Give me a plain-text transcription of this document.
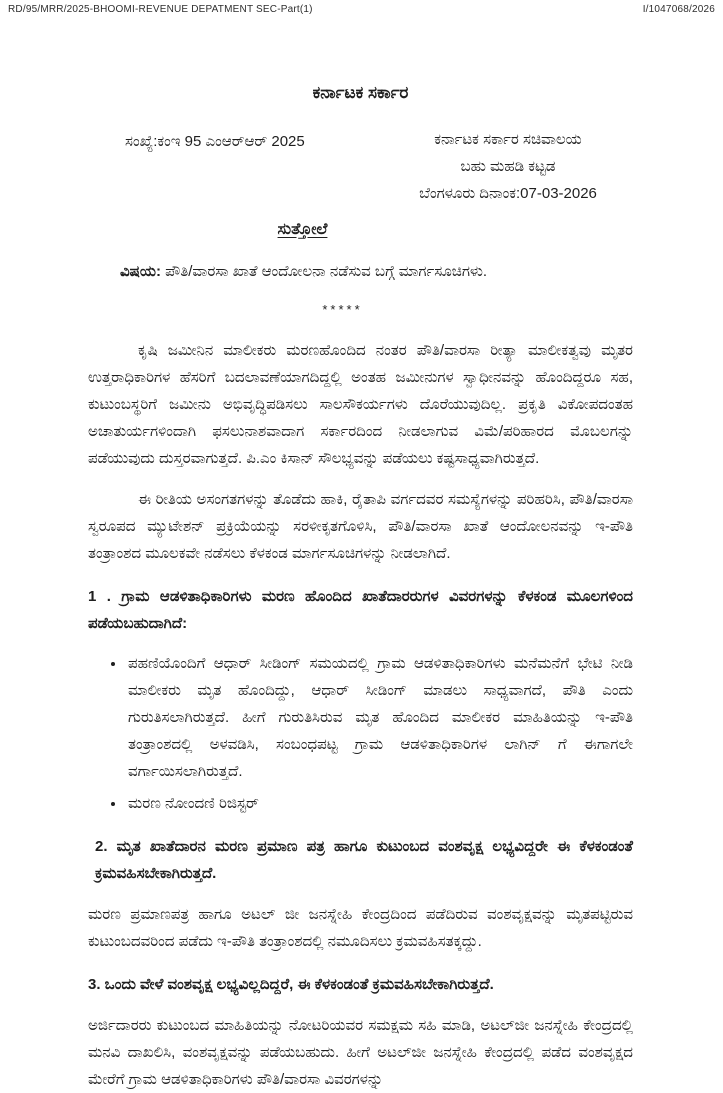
RD/95/MRR/2025-BHOOMI-REVENUE DEPATMENT SEC-Part(1)	I/1047068/2026
ಕರ್ನಾಟಕ ಸರ್ಕಾರ
ಸಂಖ್ಯೆ:ಕಂಇ 95 ಎಂಆರ್‌ಆರ್ 2025	ಕರ್ನಾಟಕ ಸರ್ಕಾರ ಸಚಿವಾಲಯ
ಬಹು ಮಹಡಿ ಕಟ್ಟಡ
ಬೆಂಗಳೂರು ದಿನಾಂಕ:07-03-2026
ಸುತ್ತೋಲೆ
ವಿಷಯ: ಪೌತಿ/ವಾರಸಾ ಖಾತೆ ಆಂದೋಲನಾ ನಡೆಸುವ ಬಗ್ಗೆ ಮಾರ್ಗಸೂಚಿಗಳು.
*****

ಕೃಷಿ ಜಮೀನಿನ ಮಾಲೀಕರು ಮರಣಹೊಂದಿದ ನಂತರ ಪೌತಿ/ವಾರಸಾ ರೀತ್ಯಾ ಮಾಲೀಕತ್ವವು ಮೃತರ ಉತ್ತರಾಧಿಕಾರಿಗಳ ಹೆಸರಿಗೆ ಬದಲಾವಣೆಯಾಗದಿದ್ದಲ್ಲಿ ಅಂತಹ ಜಮೀನುಗಳ ಸ್ವಾಧೀನವನ್ನು ಹೊಂದಿದ್ದರೂ ಸಹ, ಕುಟುಂಬಸ್ಥರಿಗೆ ಜಮೀನು ಅಭಿವೃದ್ಧಿಪಡಿಸಲು ಸಾಲಸೌಕರ್ಯಗಳು ದೊರೆಯುವುದಿಲ್ಲ. ಪ್ರಕೃತಿ ವಿಕೋಪದಂತಹ ಅಚಾತುರ್ಯಗಳಿಂದಾಗಿ ಫಸಲುನಾಶವಾದಾಗ ಸರ್ಕಾರದಿಂದ ನೀಡಲಾಗುವ ವಿಮೆ/ಪರಿಹಾರದ ಮೊಬಲಗನ್ನು ಪಡೆಯುವುದು ದುಸ್ತರವಾಗುತ್ತದೆ. ಪಿ.ಎಂ ಕಿಸಾನ್ ಸೌಲಭ್ಯವನ್ನು ಪಡೆಯಲು ಕಷ್ಟಸಾಧ್ಯವಾಗಿರುತ್ತದೆ.

ಈ ರೀತಿಯ ಅಸಂಗತಗಳನ್ನು ತೊಡೆದು ಹಾಕಿ, ರೈತಾಪಿ ವರ್ಗದವರ ಸಮಸ್ಯೆಗಳನ್ನು ಪರಿಹರಿಸಿ, ಪೌತಿ/ವಾರಸಾ ಸ್ವರೂಪದ ಮ್ಯುಟೇಶನ್ ಪ್ರಕ್ರಿಯೆಯನ್ನು ಸರಳೀಕೃತಗೊಳಿಸಿ, ಪೌತಿ/ವಾರಸಾ ಖಾತೆ ಆಂದೋಲನವನ್ನು ಇ-ಪೌತಿ ತಂತ್ರಾಂಶದ ಮೂಲಕವೇ ನಡೆಸಲು ಕೆಳಕಂಡ ಮಾರ್ಗಸೂಚಿಗಳನ್ನು ನೀಡಲಾಗಿದೆ.

1 . ಗ್ರಾಮ ಆಡಳಿತಾಧಿಕಾರಿಗಳು ಮರಣ ಹೊಂದಿದ ಖಾತೆದಾರರುಗಳ ವಿವರಗಳನ್ನು ಕೆಳಕಂಡ ಮೂಲಗಳಿಂದ ಪಡೆಯಬಹುದಾಗಿದೆ:
• ಪಹಣಿಯೊಂದಿಗೆ ಆಧಾರ್ ಸೀಡಿಂಗ್ ಸಮಯದಲ್ಲಿ ಗ್ರಾಮ ಆಡಳಿತಾಧಿಕಾರಿಗಳು ಮನೆಮನೆಗೆ ಭೇಟಿ ನೀಡಿ ಮಾಲೀಕರು ಮೃತ ಹೊಂದಿದ್ದು, ಆಧಾರ್ ಸೀಡಿಂಗ್ ಮಾಡಲು ಸಾಧ್ಯವಾಗದೆ, ಪೌತಿ ಎಂದು ಗುರುತಿಸಲಾಗಿರುತ್ತದೆ. ಹೀಗೆ ಗುರುತಿಸಿರುವ ಮೃತ ಹೊಂದಿದ ಮಾಲೀಕರ ಮಾಹಿತಿಯನ್ನು ಇ-ಪೌತಿ ತಂತ್ರಾಂಶದಲ್ಲಿ ಅಳವಡಿಸಿ, ಸಂಬಂಧಪಟ್ಟ ಗ್ರಾಮ ಆಡಳಿತಾಧಿಕಾರಿಗಳ ಲಾಗಿನ್ ಗೆ ಈಗಾಗಲೇ ವರ್ಗಾಯಿಸಲಾಗಿರುತ್ತದೆ.
• ಮರಣ ನೋಂದಣಿ ರಿಜಿಸ್ಟರ್
2. ಮೃತ ಖಾತೆದಾರನ ಮರಣ ಪ್ರಮಾಣ ಪತ್ರ ಹಾಗೂ ಕುಟುಂಬದ ವಂಶವೃಕ್ಷ ಲಭ್ಯವಿದ್ದರೇ ಈ ಕೆಳಕಂಡಂತೆ ಕ್ರಮವಹಿಸಬೇಕಾಗಿರುತ್ತದೆ.

ಮರಣ ಪ್ರಮಾಣಪತ್ರ ಹಾಗೂ ಅಟಲ್ ಜೀ ಜನಸ್ನೇಹಿ ಕೇಂದ್ರದಿಂದ ಪಡೆದಿರುವ ವಂಶವೃಕ್ಷವನ್ನು ಮೃತಪಟ್ಟಿರುವ ಕುಟುಂಬದವರಿಂದ ಪಡೆದು ಇ-ಪೌತಿ ತಂತ್ರಾಂಶದಲ್ಲಿ ನಮೂದಿಸಲು ಕ್ರಮವಹಿಸತಕ್ಕದ್ದು.

3. ಒಂದು ವೇಳೆ ವಂಶವೃಕ್ಷ ಲಭ್ಯವಿಲ್ಲದಿದ್ದರೆ, ಈ ಕೆಳಕಂಡಂತೆ ಕ್ರಮವಹಿಸಬೇಕಾಗಿರುತ್ತದೆ.

ಅರ್ಜಿದಾರರು ಕುಟುಂಬದ ಮಾಹಿತಿಯನ್ನು ನೋಟರಿಯವರ ಸಮಕ್ಷಮ ಸಹಿ ಮಾಡಿ, ಅಟಲ್‌ಜೀ ಜನಸ್ನೇಹಿ ಕೇಂದ್ರದಲ್ಲಿ ಮನವಿ ದಾಖಲಿಸಿ, ವಂಶವೃಕ್ಷವನ್ನು ಪಡೆಯಬಹುದು. ಹೀಗೆ ಅಟಲ್‌ಜೀ ಜನಸ್ನೇಹಿ ಕೇಂದ್ರದಲ್ಲಿ ಪಡೆದ ವಂಶವೃಕ್ಷದ ಮೇರೆಗೆ ಗ್ರಾಮ ಆಡಳಿತಾಧಿಕಾರಿಗಳು ಪೌತಿ/ವಾರಸಾ ವಿವರಗಳನ್ನು
